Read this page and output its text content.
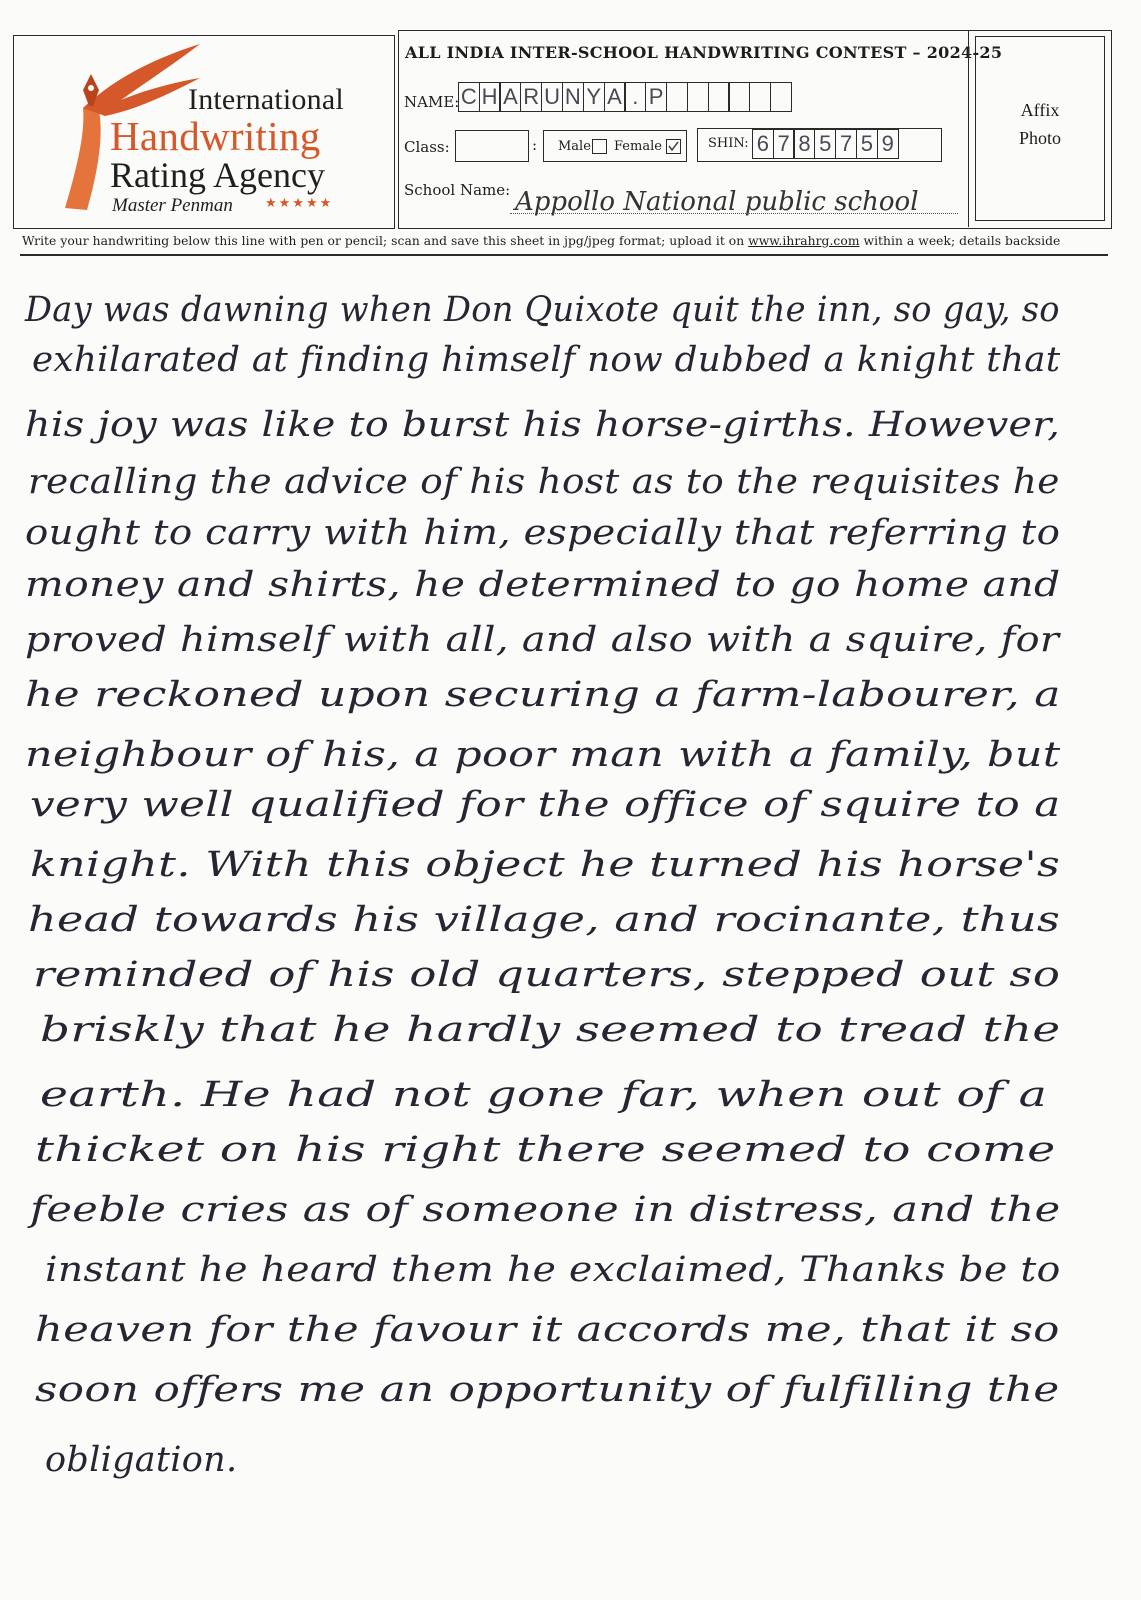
International
Handwriting
Rating Agency
Master Penman ★★★★★
ALL INDIA INTER-SCHOOL HANDWRITING CONTEST – 2024-25
NAME: C H A R U N Y A . P
Class:	: Male Female	SHIN: 6 7 8 5 7 5 9
School Name: Appollo National public school
Affix
Photo
Write your handwriting below this line with pen or pencil; scan and save this sheet in jpg/jpeg format; upload it on www.ihrahrg.com within a week; details backside
Day was dawning when Don Quixote quit the inn, so gay, so
exhilarated at finding himself now dubbed a knight that
his joy was like to burst his horse-girths. However,
recalling the advice of his host as to the requisites he
ought to carry with him, especially that referring to
money and shirts, he determined to go home and
proved himself with all, and also with a squire, for
he reckoned upon securing a farm-labourer, a
neighbour of his, a poor man with a family, but
very well qualified for the office of squire to a
knight. With this object he turned his horse's
head towards his village, and rocinante, thus
reminded of his old quarters, stepped out so
briskly that he hardly seemed to tread the
earth. He had not gone far, when out of a
thicket on his right there seemed to come
feeble cries as of someone in distress, and the
instant he heard them he exclaimed, Thanks be to
heaven for the favour it accords me, that it so
soon offers me an opportunity of fulfilling the
obligation.
